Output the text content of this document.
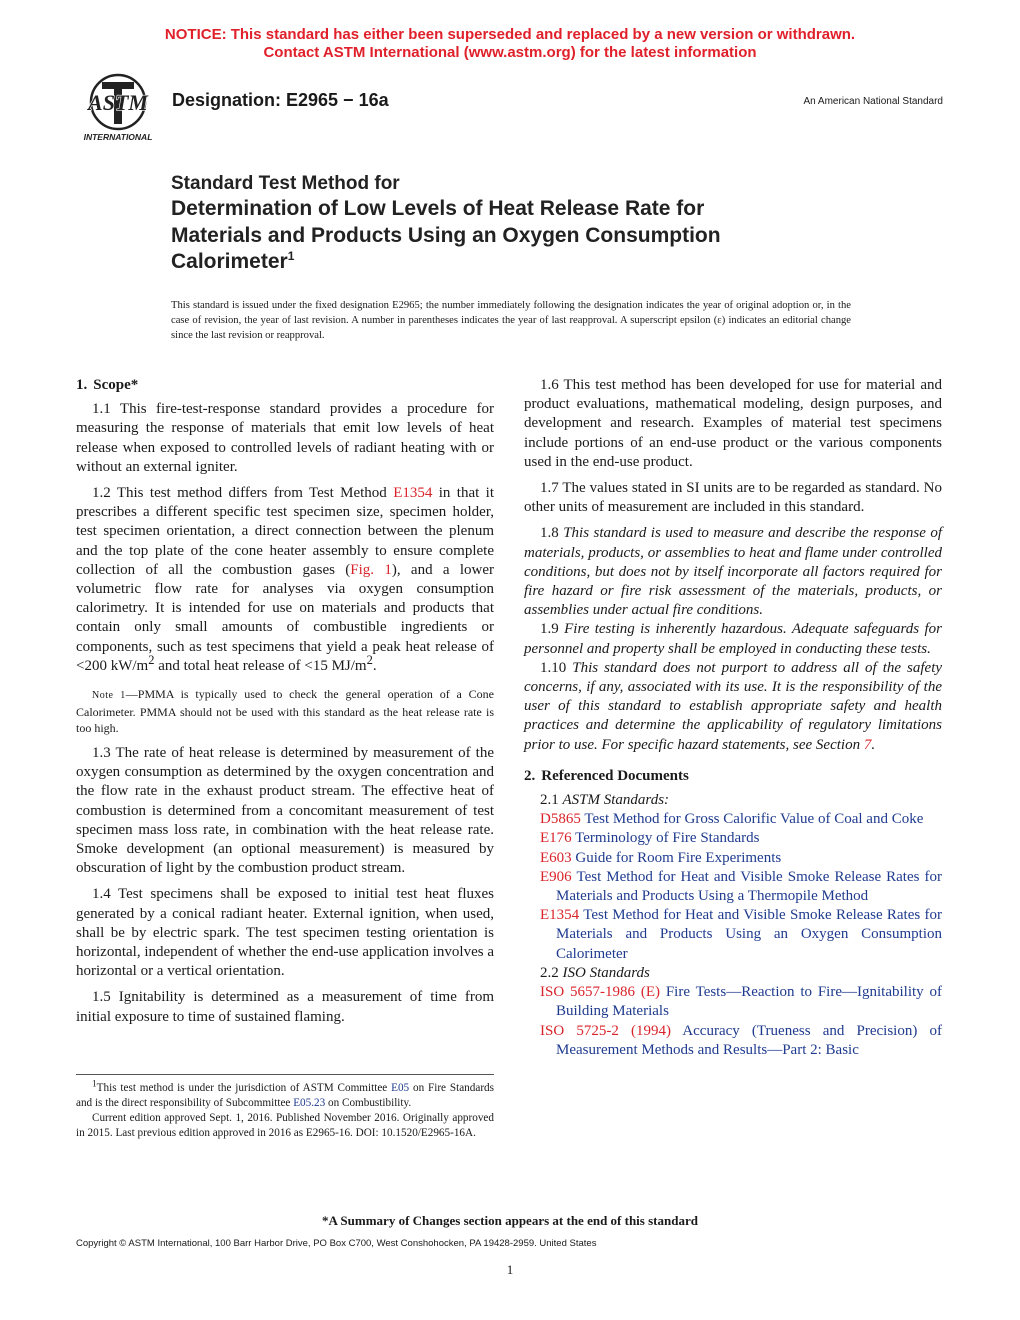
NOTICE: This standard has either been superseded and replaced by a new version or withdrawn.
Contact ASTM International (www.astm.org) for the latest information
ASTM
INTERNATIONAL
Designation: E2965 − 16a	An American National Standard
Standard Test Method for
Determination of Low Levels of Heat Release Rate for
Materials and Products Using an Oxygen Consumption
Calorimeter$^1$
This standard is issued under the fixed designation E2965; the number immediately following the designation indicates the year of original adoption or, in the case of revision, the year of last revision. A number in parentheses indicates the year of last reapproval. A superscript epsilon (ε) indicates an editorial change since the last revision or reapproval.
1. Scope*

1.1 This fire-test-response standard provides a procedure for measuring the response of materials that emit low levels of heat release when exposed to controlled levels of radiant heating with or without an external igniter.

1.2 This test method differs from Test Method E1354 in that it prescribes a different specific test specimen size, specimen holder, test specimen orientation, a direct connection between the plenum and the top plate of the cone heater assembly to ensure complete collection of all the combustion gases (Fig. 1), and a lower volumetric flow rate for analyses via oxygen consumption calorimetry. It is intended for use on materials and products that contain only small amounts of combustible ingredients or components, such as test specimens that yield a peak heat release of <200 $kW/m^2$ and total heat release of <15 $MJ/m^2$.

Note 1—PMMA is typically used to check the general operation of a Cone Calorimeter. PMMA should not be used with this standard as the heat release rate is too high.

1.3 The rate of heat release is determined by measurement of the oxygen consumption as determined by the oxygen concentration and the flow rate in the exhaust product stream. The effective heat of combustion is determined from a concomitant measurement of test specimen mass loss rate, in combination with the heat release rate. Smoke development (an optional measurement) is measured by obscuration of light by the combustion product stream.

1.4 Test specimens shall be exposed to initial test heat fluxes generated by a conical radiant heater. External ignition, when used, shall be by electric spark. The test specimen testing orientation is horizontal, independent of whether the end-use application involves a horizontal or a vertical orientation.

1.5 Ignitability is determined as a measurement of time from initial exposure to time of sustained flaming.

$^1$This test method is under the jurisdiction of ASTM Committee E05 on Fire Standards and is the direct responsibility of Subcommittee E05.23 on Combustibility.

Current edition approved Sept. 1, 2016. Published November 2016. Originally approved in 2015. Last previous edition approved in 2016 as E2965-16. DOI: 10.1520/E2965-16A.

1.6 This test method has been developed for use for material and product evaluations, mathematical modeling, design purposes, and development and research. Examples of material test specimens include portions of an end-use product or the various components used in the end-use product.

1.7 The values stated in SI units are to be regarded as standard. No other units of measurement are included in this standard.

1.8 This standard is used to measure and describe the response of materials, products, or assemblies to heat and flame under controlled conditions, but does not by itself incorporate all factors required for fire hazard or fire risk assessment of the materials, products, or assemblies under actual fire conditions.

1.9 Fire testing is inherently hazardous. Adequate safeguards for personnel and property shall be employed in conducting these tests.

1.10 This standard does not purport to address all of the safety concerns, if any, associated with its use. It is the responsibility of the user of this standard to establish appropriate safety and health practices and determine the applicability of regulatory limitations prior to use. For specific hazard statements, see Section 7.

2. Referenced Documents

2.1 ASTM Standards:

D5865 Test Method for Gross Calorific Value of Coal and Coke

E176 Terminology of Fire Standards

E603 Guide for Room Fire Experiments

E906 Test Method for Heat and Visible Smoke Release Rates for Materials and Products Using a Thermopile Method

E1354 Test Method for Heat and Visible Smoke Release Rates for Materials and Products Using an Oxygen Consumption Calorimeter

2.2 ISO Standards

ISO 5657-1986 (E) Fire Tests—Reaction to Fire—Ignitability of Building Materials

ISO 5725-2 (1994) Accuracy (Trueness and Precision) of Measurement Methods and Results—Part 2: Basic

*A Summary of Changes section appears at the end of this standard
Copyright © ASTM International, 100 Barr Harbor Drive, PO Box C700, West Conshohocken, PA 19428-2959. United States
1
